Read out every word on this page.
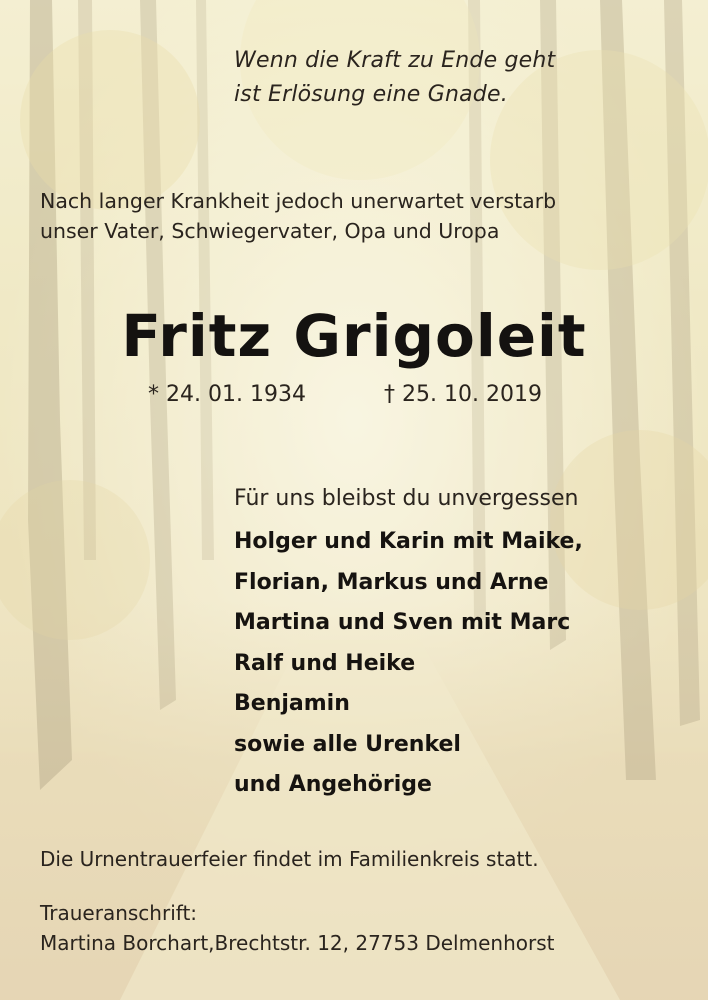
Wenn die Kraft zu Ende geht
ist Erlösung eine Gnade.
Nach langer Krankheit jedoch unerwartet verstarb
unser Vater, Schwiegervater, Opa und Uropa
Fritz Grigoleit
* 24. 01. 1934	† 25. 10. 2019
Für uns bleibst du unvergessen
Holger und Karin mit Maike,
Florian, Markus und Arne
Martina und Sven mit Marc
Ralf und Heike
Benjamin
sowie alle Urenkel
und Angehörige
Die Urnentrauerfeier findet im Familienkreis statt.
Traueranschrift:
Martina Borchart,Brechtstr. 12, 27753 Delmenhorst
